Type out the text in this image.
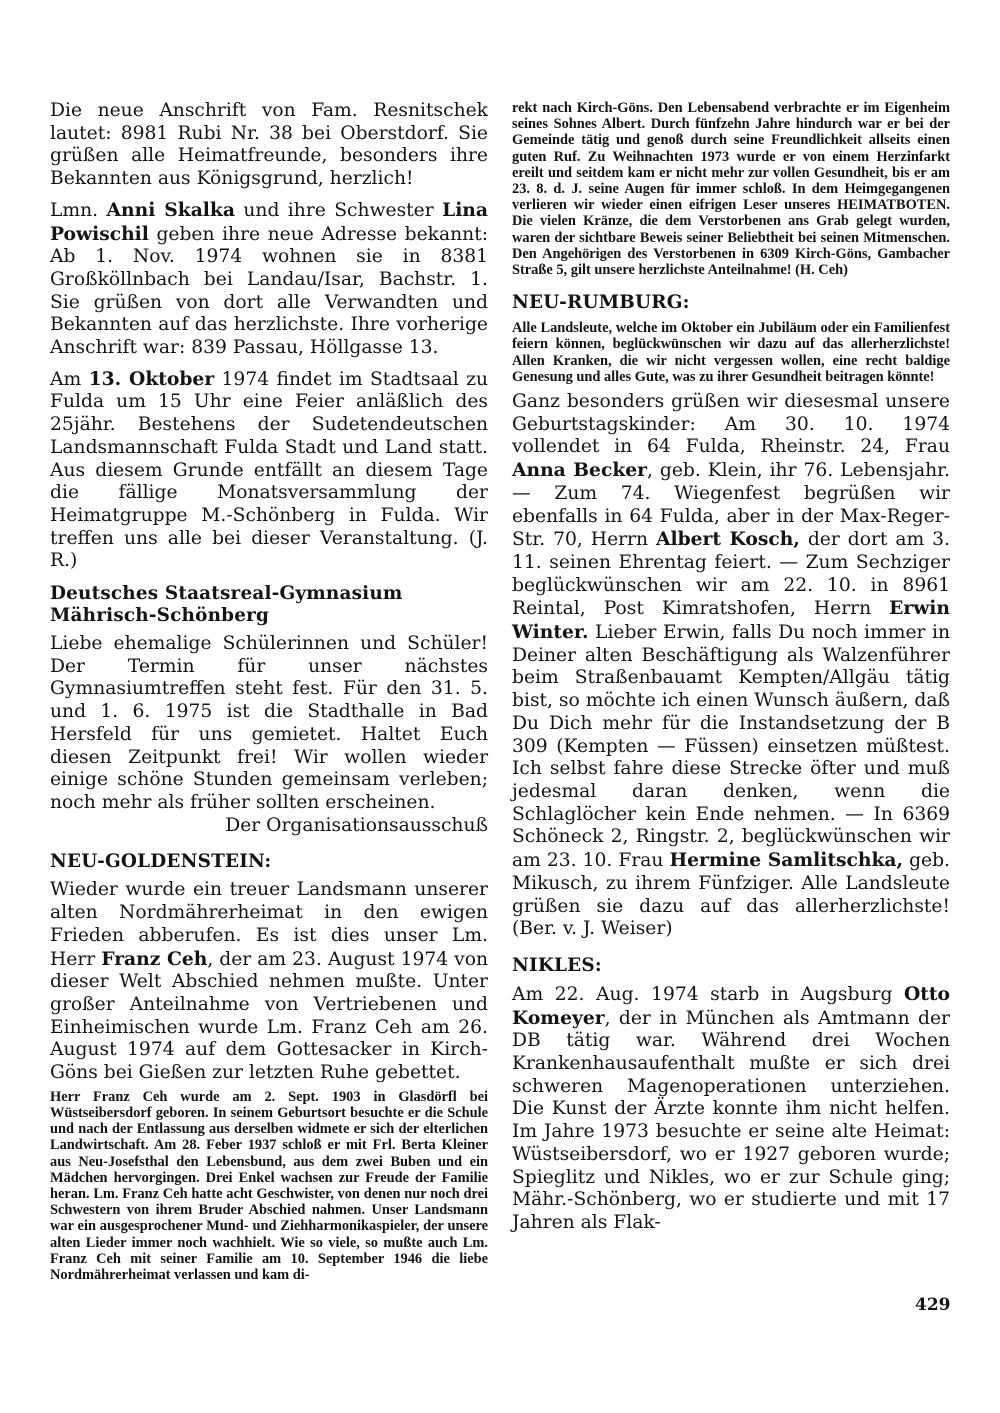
Die neue Anschrift von Fam. Resnitschek lautet: 8981 Rubi Nr. 38 bei Oberstdorf. Sie grüßen alle Heimatfreunde, besonders ihre Bekannten aus Königsgrund, herzlich!

Lmn. Anni Skalka und ihre Schwester Lina Powischil geben ihre neue Adresse bekannt: Ab 1. Nov. 1974 wohnen sie in 8381 Großköllnbach bei Landau/Isar, Bachstr. 1. Sie grüßen von dort alle Verwandten und Bekannten auf das herzlichste. Ihre vorherige Anschrift war: 839 Passau, Höllgasse 13.

Am 13. Oktober 1974 findet im Stadtsaal zu Fulda um 15 Uhr eine Feier anläßlich des 25jähr. Bestehens der Sudetendeutschen Landsmannschaft Fulda Stadt und Land statt. Aus diesem Grunde entfällt an diesem Tage die fällige Monatsversammlung der Heimatgruppe M.-Schönberg in Fulda. Wir treffen uns alle bei dieser Veranstaltung. (J. R.)

Deutsches Staatsreal-Gymnasium
Mährisch-Schönberg

Liebe ehemalige Schülerinnen und Schüler! Der Termin für unser nächstes Gymnasiumtreffen steht fest. Für den 31. 5. und 1. 6. 1975 ist die Stadthalle in Bad Hersfeld für uns gemietet. Haltet Euch diesen Zeitpunkt frei! Wir wollen wieder einige schöne Stunden gemeinsam verleben; noch mehr als früher sollten erscheinen.

Der Organisationsausschuß

NEU-GOLDENSTEIN:

Wieder wurde ein treuer Landsmann unserer alten Nordmährerheimat in den ewigen Frieden abberufen. Es ist dies unser Lm. Herr Franz Ceh, der am 23. August 1974 von dieser Welt Abschied nehmen mußte. Unter großer Anteilnahme von Vertriebenen und Einheimischen wurde Lm. Franz Ceh am 26. August 1974 auf dem Gottesacker in Kirch-Göns bei Gießen zur letzten Ruhe gebettet.

Herr Franz Ceh wurde am 2. Sept. 1903 in Glasdörfl bei Wüstseibersdorf geboren. In seinem Geburtsort besuchte er die Schule und nach der Entlassung aus derselben widmete er sich der elterlichen Landwirtschaft. Am 28. Feber 1937 schloß er mit Frl. Berta Kleiner aus Neu-Josefsthal den Lebensbund, aus dem zwei Buben und ein Mädchen hervorgingen. Drei Enkel wachsen zur Freude der Familie heran. Lm. Franz Ceh hatte acht Geschwister, von denen nur noch drei Schwestern von ihrem Bruder Abschied nahmen. Unser Landsmann war ein ausgesprochener Mund- und Ziehharmonikaspieler, der unsere alten Lieder immer noch wachhielt. Wie so viele, so mußte auch Lm. Franz Ceh mit seiner Familie am 10. September 1946 die liebe Nordmährerheimat verlassen und kam di-

rekt nach Kirch-Göns. Den Lebensabend verbrachte er im Eigenheim seines Sohnes Albert. Durch fünfzehn Jahre hindurch war er bei der Gemeinde tätig und genoß durch seine Freundlichkeit allseits einen guten Ruf. Zu Weihnachten 1973 wurde er von einem Herzinfarkt ereilt und seitdem kam er nicht mehr zur vollen Gesundheit, bis er am 23. 8. d. J. seine Augen für immer schloß. In dem Heimgegangenen verlieren wir wieder einen eifrigen Leser unseres HEIMATBOTEN. Die vielen Kränze, die dem Verstorbenen ans Grab gelegt wurden, waren der sichtbare Beweis seiner Beliebtheit bei seinen Mitmenschen. Den Angehörigen des Verstorbenen in 6309 Kirch-Göns, Gambacher Straße 5, gilt unsere herzlichste Anteilnahme! (H. Ceh)

NEU-RUMBURG:

Alle Landsleute, welche im Oktober ein Jubiläum oder ein Familienfest feiern können, beglückwünschen wir dazu auf das allerherzlichste! Allen Kranken, die wir nicht vergessen wollen, eine recht baldige Genesung und alles Gute, was zu ihrer Gesundheit beitragen könnte!

Ganz besonders grüßen wir diesesmal unsere Geburtstagskinder: Am 30. 10. 1974 vollendet in 64 Fulda, Rheinstr. 24, Frau Anna Becker, geb. Klein, ihr 76. Lebensjahr. — Zum 74. Wiegenfest begrüßen wir ebenfalls in 64 Fulda, aber in der Max-Reger-Str. 70, Herrn Albert Kosch, der dort am 3. 11. seinen Ehrentag feiert. — Zum Sechziger beglückwünschen wir am 22. 10. in 8961 Reintal, Post Kimratshofen, Herrn Erwin Winter. Lieber Erwin, falls Du noch immer in Deiner alten Beschäftigung als Walzenführer beim Straßenbauamt Kempten/Allgäu tätig bist, so möchte ich einen Wunsch äußern, daß Du Dich mehr für die Instandsetzung der B 309 (Kempten — Füssen) einsetzen müßtest. Ich selbst fahre diese Strecke öfter und muß jedesmal daran denken, wenn die Schlaglöcher kein Ende nehmen. — In 6369 Schöneck 2, Ringstr. 2, beglückwünschen wir am 23. 10. Frau Hermine Samlitschka, geb. Mikusch, zu ihrem Fünfziger. Alle Landsleute grüßen sie dazu auf das allerherzlichste! (Ber. v. J. Weiser)

NIKLES:

Am 22. Aug. 1974 starb in Augsburg Otto Komeyer, der in München als Amtmann der DB tätig war. Während drei Wochen Krankenhausaufenthalt mußte er sich drei schweren Magenoperationen unterziehen. Die Kunst der Ärzte konnte ihm nicht helfen. Im Jahre 1973 besuchte er seine alte Heimat: Wüstseibersdorf, wo er 1927 geboren wurde; Spieglitz und Nikles, wo er zur Schule ging; Mähr.-Schönberg, wo er studierte und mit 17 Jahren als Flak-

429
